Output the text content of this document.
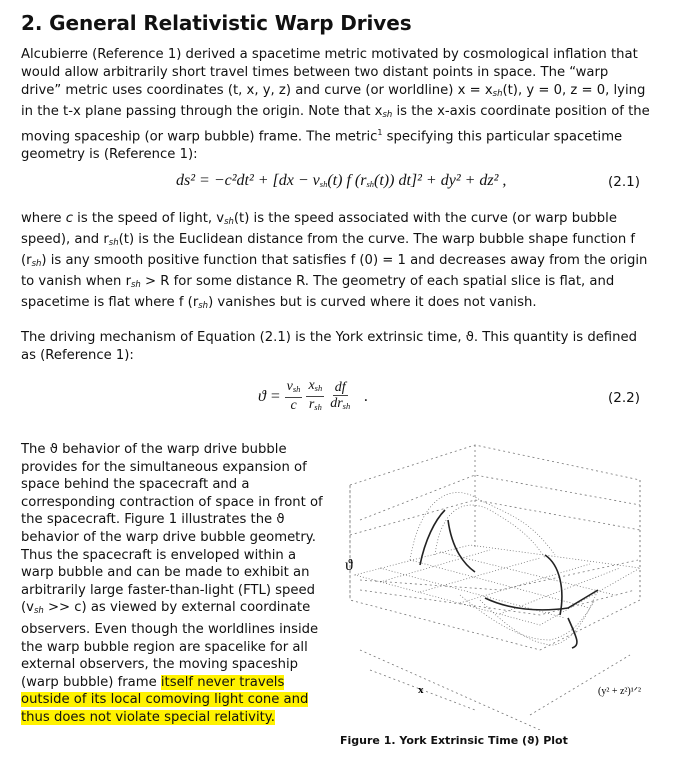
2. General Relativistic Warp Drives

Alcubierre (Reference 1) derived a spacetime metric motivated by cosmological inflation that would allow arbitrarily short travel times between two distant points in space. The “warp drive” metric uses coordinates (t, x, y, z) and curve (or worldline) $x = x_{sh}(t)$, y = 0, z = 0, lying in the t-x plane passing through the origin. Note that $x_{sh}$ is the x-axis coordinate position of the moving spaceship (or warp bubble) frame. The metric$^1$ specifying this particular spacetime geometry is (Reference 1):

$ds^2 = -c^2dt^2 + [dx - v_{sh}(t)$ f $(r_{sh}(t)) dt]^2 + dy^2 + dz^2$ ,	(2.1)

where c is the speed of light, $v_{sh}(t)$ is the speed associated with the curve (or warp bubble speed), and $r_{sh}(t)$ is the Euclidean distance from the curve. The warp bubble shape function f $(r_{sh})$ is any smooth positive function that satisfies f (0) = 1 and decreases away from the origin to vanish when $r_{sh} > R$ for some distance R. The geometry of each spatial slice is flat, and spacetime is flat where f $(r_{sh})$ vanishes but is curved where it does not vanish.

The driving mechanism of Equation (2.1) is the York extrinsic time, ϑ. This quantity is defined as (Reference 1):

$ϑ = \frac{v_{sh}}{c} \frac{x_{sh}}{r_{sh}} \frac{df}{dr_{sh}}$ .	(2.2)

The ϑ behavior of the warp drive bubble provides for the simultaneous expansion of space behind the spacecraft and a corresponding contraction of space in front of the spacecraft. Figure 1 illustrates the ϑ behavior of the warp drive bubble geometry. Thus the spacecraft is enveloped within a warp bubble and can be made to exhibit an arbitrarily large faster-than-light (FTL) speed $(v_{sh} >> c)$ as viewed by external coordinate observers. Even though the worldlines inside the warp bubble region are spacelike for all external observers, the moving spaceship (warp bubble) frame itself never travels outside of its local comoving light cone and thus does not violate special relativity.

ϑ
x	(y² + z²)¹ᐟ²
Figure 1. York Extrinsic Time (ϑ) Plot
